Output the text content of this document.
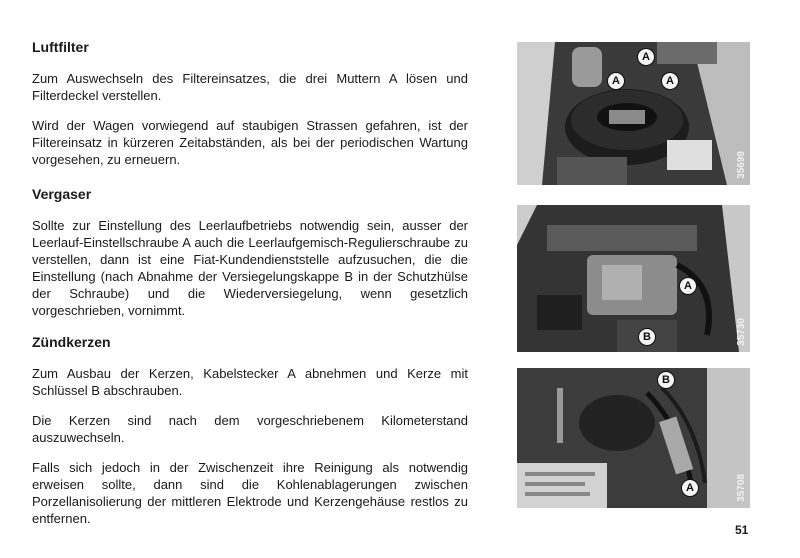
Luftfilter

Zum Auswechseln des Filtereinsatzes, die drei Muttern A lösen und Filterdeckel verstellen.

Wird der Wagen vorwiegend auf staubigen Strassen gefahren, ist der Filtereinsatz in kürzeren Zeitabständen, als bei der periodischen Wartung vorgesehen, zu erneuern.

Vergaser

Sollte zur Einstellung des Leerlaufbetriebs notwendig sein, ausser der Leerlauf-Einstellschraube A auch die Leerlaufgemisch-Regulierschraube zu verstellen, dann ist eine Fiat-Kundendienststelle aufzusuchen, die die Einstellung (nach Abnahme der Versiegelungskappe B in der Schutzhülse der Schraube) und die Wiederversiegelung, wenn gesetzlich vorgeschrieben, vornimmt.

Zündkerzen

Zum Ausbau der Kerzen, Kabelstecker A abnehmen und Kerze mit Schlüssel B abschrauben.

Die Kerzen sind nach dem vorgeschriebenem Kilometerstand auszuwechseln.

Falls sich jedoch in der Zwischenzeit ihre Reinigung als notwendig erweisen sollte, dann sind die Kohlenablagerungen zwischen Porzellanisolierung der mittleren Elektrode und Kerzengehäuse restlos zu entfernen.

A
A	A
35699
A
B	35730
B
A	35708
51
